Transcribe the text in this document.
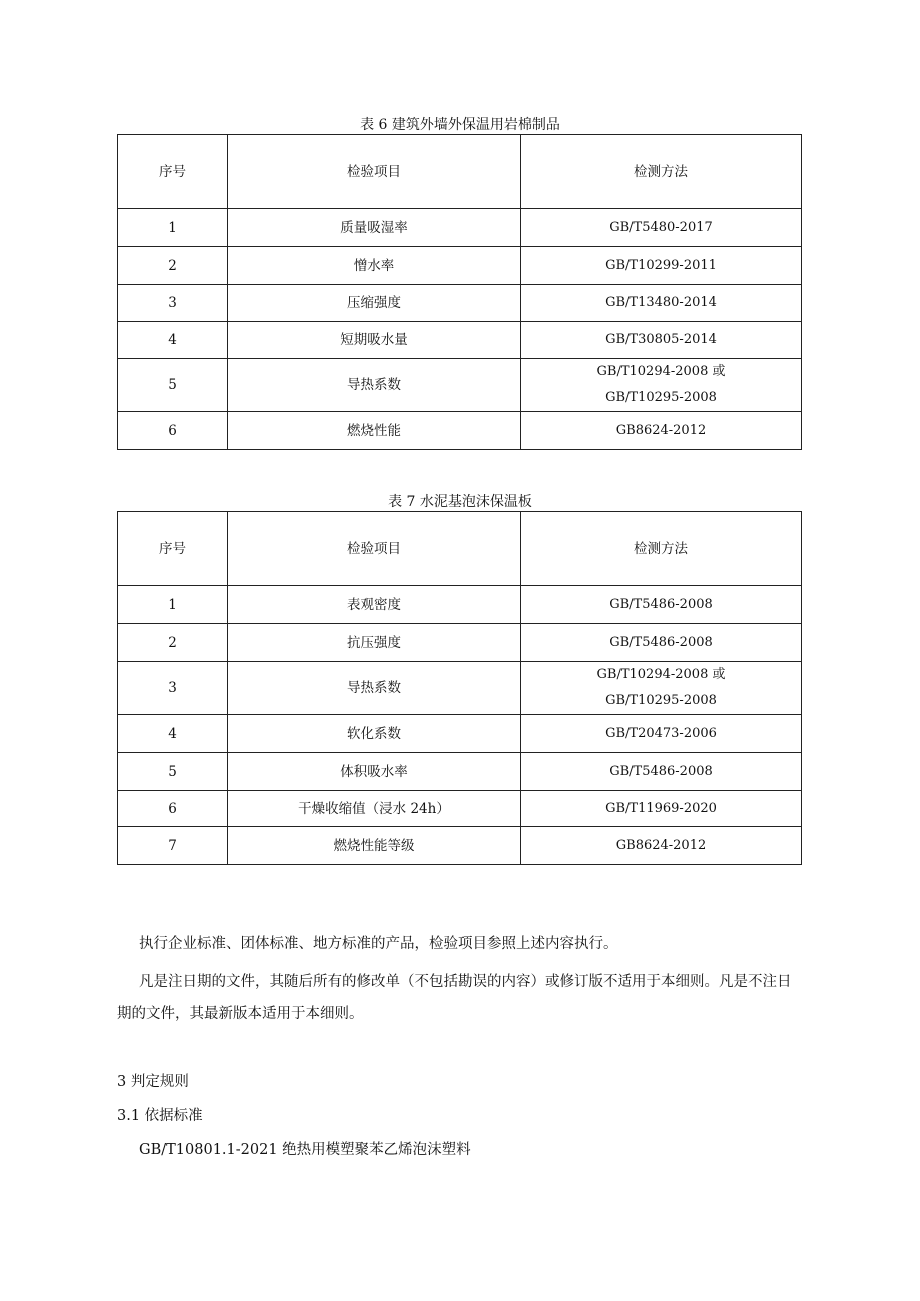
表 6 建筑外墙外保温用岩棉制品
序号	检验项目	检测方法
1	质量吸湿率	GB/T5480-2017
2	憎水率	GB/T10299-2011
3	压缩强度	GB/T13480-2014
4	短期吸水量	GB/T30805-2014
5	导热系数	GB/T10294-2008 或
GB/T10295-2008

6	燃烧性能	GB8624-2012
表 7 水泥基泡沫保温板
序号	检验项目	检测方法
1	表观密度	GB/T5486-2008
2	抗压强度	GB/T5486-2008
3	导热系数	GB/T10294-2008 或
GB/T10295-2008

4	软化系数	GB/T20473-2006
5	体积吸水率	GB/T5486-2008
6	干燥收缩值（浸水 24h）	GB/T11969-2020
7	燃烧性能等级	GB8624-2012
执行企业标准、团体标准、地方标准的产品，检验项目参照上述内容执行。
凡是注日期的文件，其随后所有的修改单（不包括勘误的内容）或修订版不适用于本细则。凡是不注日期的文件，其最新版本适用于本细则。
3 判定规则
3.1 依据标准
GB/T10801.1-2021 绝热用模塑聚苯乙烯泡沫塑料
